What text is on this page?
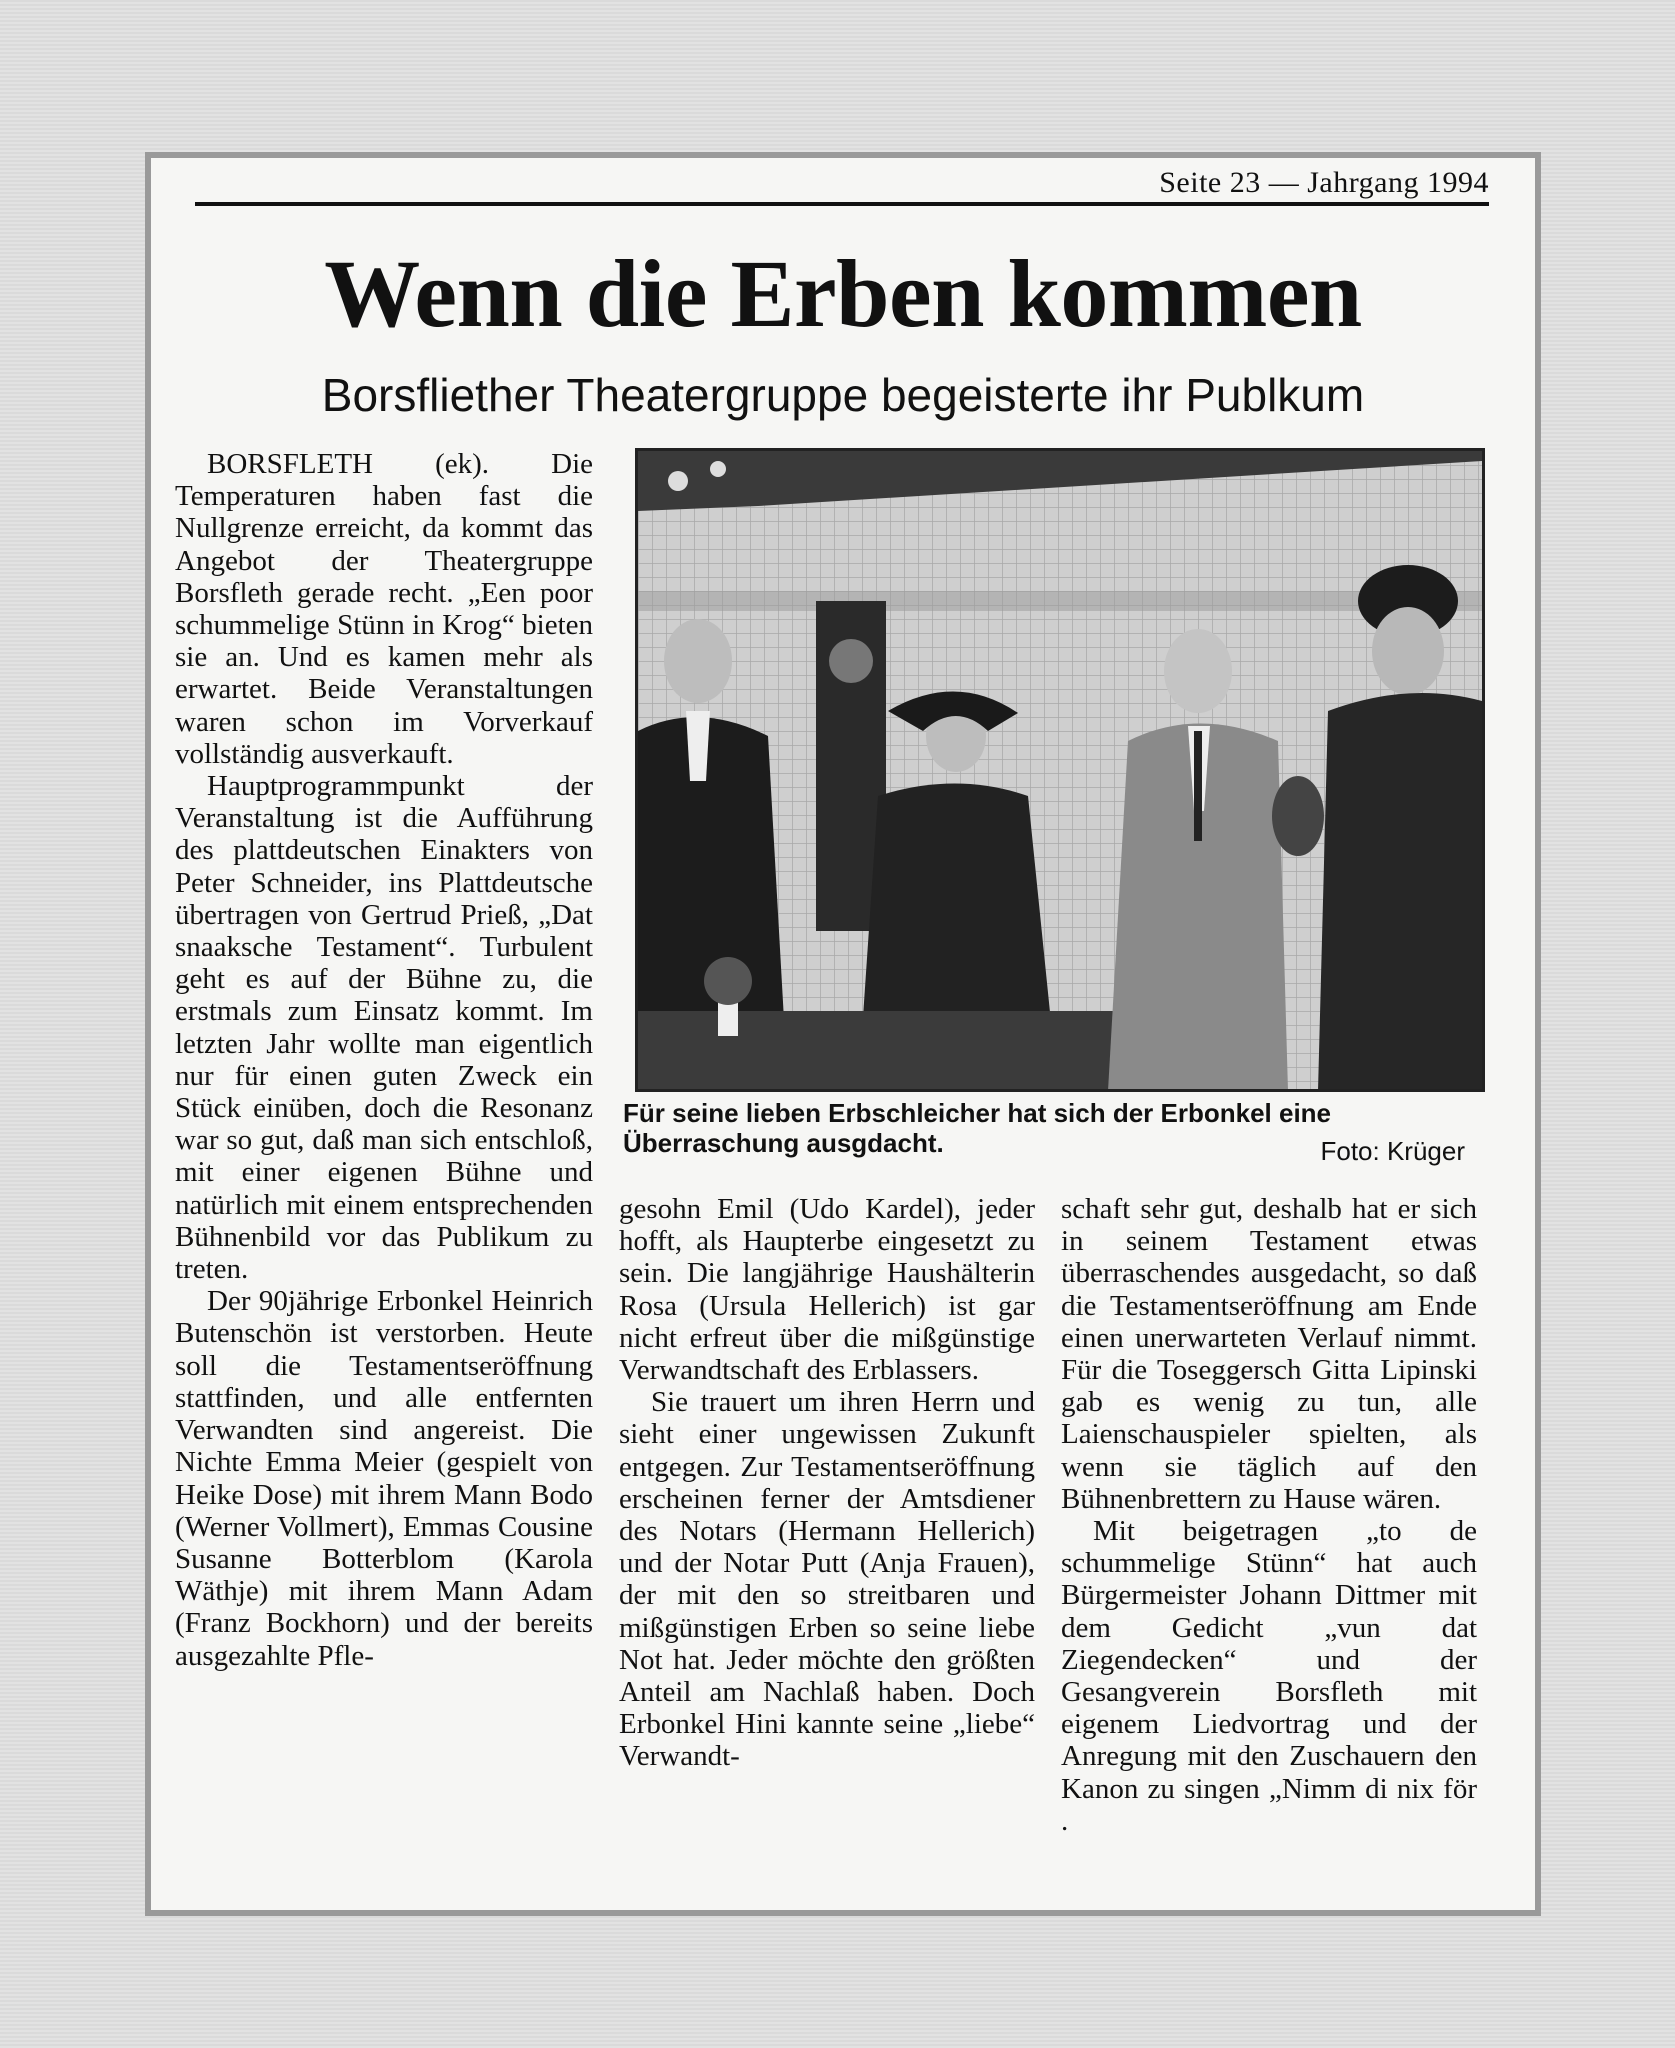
Seite 23 — Jahrgang 1994
Wenn die Erben kommen
Borsfliether Theatergruppe begeisterte ihr Publkum

BORSFLETH (ek). Die Temperaturen haben fast die Nullgrenze erreicht, da kommt das Angebot der Theatergruppe Borsfleth gerade recht. „Een poor schummelige Stünn in Krog“ bieten sie an. Und es kamen mehr als erwartet. Beide Veranstaltungen waren schon im Vorverkauf vollständig ausverkauft.

Hauptprogrammpunkt der Veranstaltung ist die Aufführung des plattdeutschen Einakters von Peter Schneider, ins Plattdeutsche übertragen von Gertrud Prieß, „Dat snaaksche Testament“. Turbulent geht es auf der Bühne zu, die erstmals zum Einsatz kommt. Im letzten Jahr wollte man eigentlich nur für einen guten Zweck ein Stück einüben, doch die Resonanz war so gut, daß man sich entschloß, mit einer eigenen Bühne und natürlich mit einem entsprechenden Bühnenbild vor das Publikum zu treten.

Der 90jährige Erbonkel Heinrich Butenschön ist verstorben. Heute soll die Testamentseröffnung stattfinden, und alle entfernten Verwandten sind angereist. Die Nichte Emma Meier (gespielt von Heike Dose) mit ihrem Mann Bodo (Werner Vollmert), Emmas Cousine Susanne Botterblom (Karola Wäthje) mit ihrem Mann Adam (Franz Bockhorn) und der bereits ausgezahlte Pfle-

Für seine lieben Erbschleicher hat sich der Erbonkel eine Überraschung ausgdacht.	Foto: Krüger

gesohn Emil (Udo Kardel), jeder hofft, als Haupterbe eingesetzt zu sein. Die langjährige Haushälterin Rosa (Ursula Hellerich) ist gar nicht erfreut über die mißgünstige Verwandtschaft des Erblassers.

Sie trauert um ihren Herrn und sieht einer ungewissen Zukunft entgegen. Zur Testamentseröffnung erscheinen ferner der Amtsdiener des Notars (Hermann Hellerich) und der Notar Putt (Anja Frauen), der mit den so streitbaren und mißgünstigen Erben so seine liebe Not hat. Jeder möchte den größten Anteil am Nachlaß haben. Doch Erbonkel Hini kannte seine „liebe“ Verwandt-

schaft sehr gut, deshalb hat er sich in seinem Testament etwas überraschendes ausgedacht, so daß die Testamentseröffnung am Ende einen unerwarteten Verlauf nimmt. Für die Toseggersch Gitta Lipinski gab es wenig zu tun, alle Laienschauspieler spielten, als wenn sie täglich auf den Bühnenbrettern zu Hause wären.

Mit beigetragen „to de schummelige Stünn“ hat auch Bürgermeister Johann Dittmer mit dem Gedicht „vun dat Ziegendecken“ und der Gesangverein Borsfleth mit eigenem Liedvortrag und der Anregung mit den Zuschauern den Kanon zu singen „Nimm di nix för .
